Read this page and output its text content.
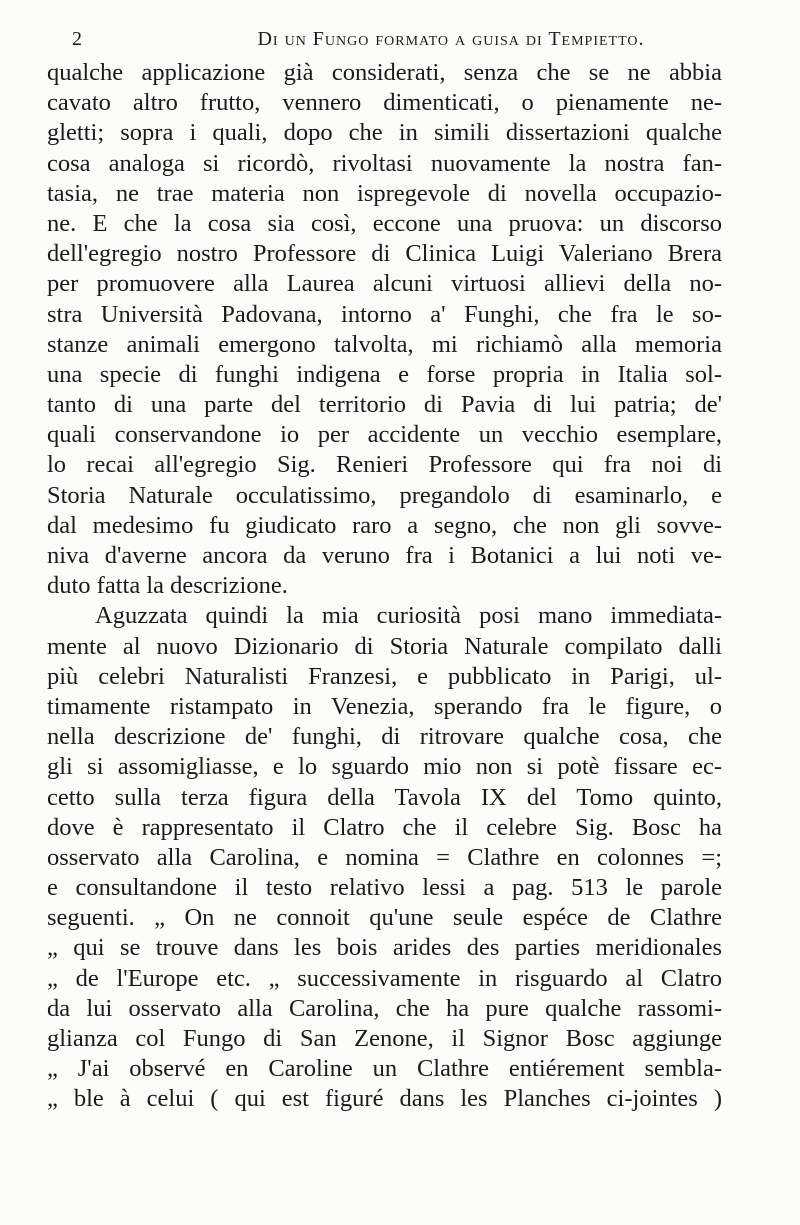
2	Di un Fungo formato a guisa di Tempietto.
qualche applicazione già considerati, senza che se ne abbia
cavato altro frutto, vennero dimenticati, o pienamente ne-
gletti; sopra i quali, dopo che in simili dissertazioni qualche
cosa analoga si ricordò, rivoltasi nuovamente la nostra fan-
tasia, ne trae materia non ispregevole di novella occupazio-
ne. E che la cosa sia così, eccone una pruova: un discorso
dell'egregio nostro Professore di Clinica Luigi Valeriano Brera
per promuovere alla Laurea alcuni virtuosi allievi della no-
stra Università Padovana, intorno a' Funghi, che fra le so-
stanze animali emergono talvolta, mi richiamò alla memoria
una specie di funghi indigena e forse propria in Italia sol-
tanto di una parte del territorio di Pavia di lui patria; de'
quali conservandone io per accidente un vecchio esemplare,
lo recai all'egregio Sig. Renieri Professore qui fra noi di
Storia Naturale occulatissimo, pregandolo di esaminarlo, e
dal medesimo fu giudicato raro a segno, che non gli sovve-
niva d'averne ancora da veruno fra i Botanici a lui noti ve-
duto fatta la descrizione.
Aguzzata quindi la mia curiosità posi mano immediata-
mente al nuovo Dizionario di Storia Naturale compilato dalli
più celebri Naturalisti Franzesi, e pubblicato in Parigi, ul-
timamente ristampato in Venezia, sperando fra le figure, o
nella descrizione de' funghi, di ritrovare qualche cosa, che
gli si assomigliasse, e lo sguardo mio non si potè fissare ec-
cetto sulla terza figura della Tavola IX del Tomo quinto,
dove è rappresentato il Clatro che il celebre Sig. Bosc ha
osservato alla Carolina, e nomina = Clathre en colonnes =;
e consultandone il testo relativo lessi a pag. 513 le parole
seguenti. „ On ne connoit qu'une seule espéce de Clathre
„ qui se trouve dans les bois arides des parties meridionales
„ de l'Europe etc. „ successivamente in risguardo al Clatro
da lui osservato alla Carolina, che ha pure qualche rassomi-
glianza col Fungo di San Zenone, il Signor Bosc aggiunge
„ J'ai observé en Caroline un Clathre entiérement sembla-
„ ble à celui ( qui est figuré dans les Planches ci-jointes )
